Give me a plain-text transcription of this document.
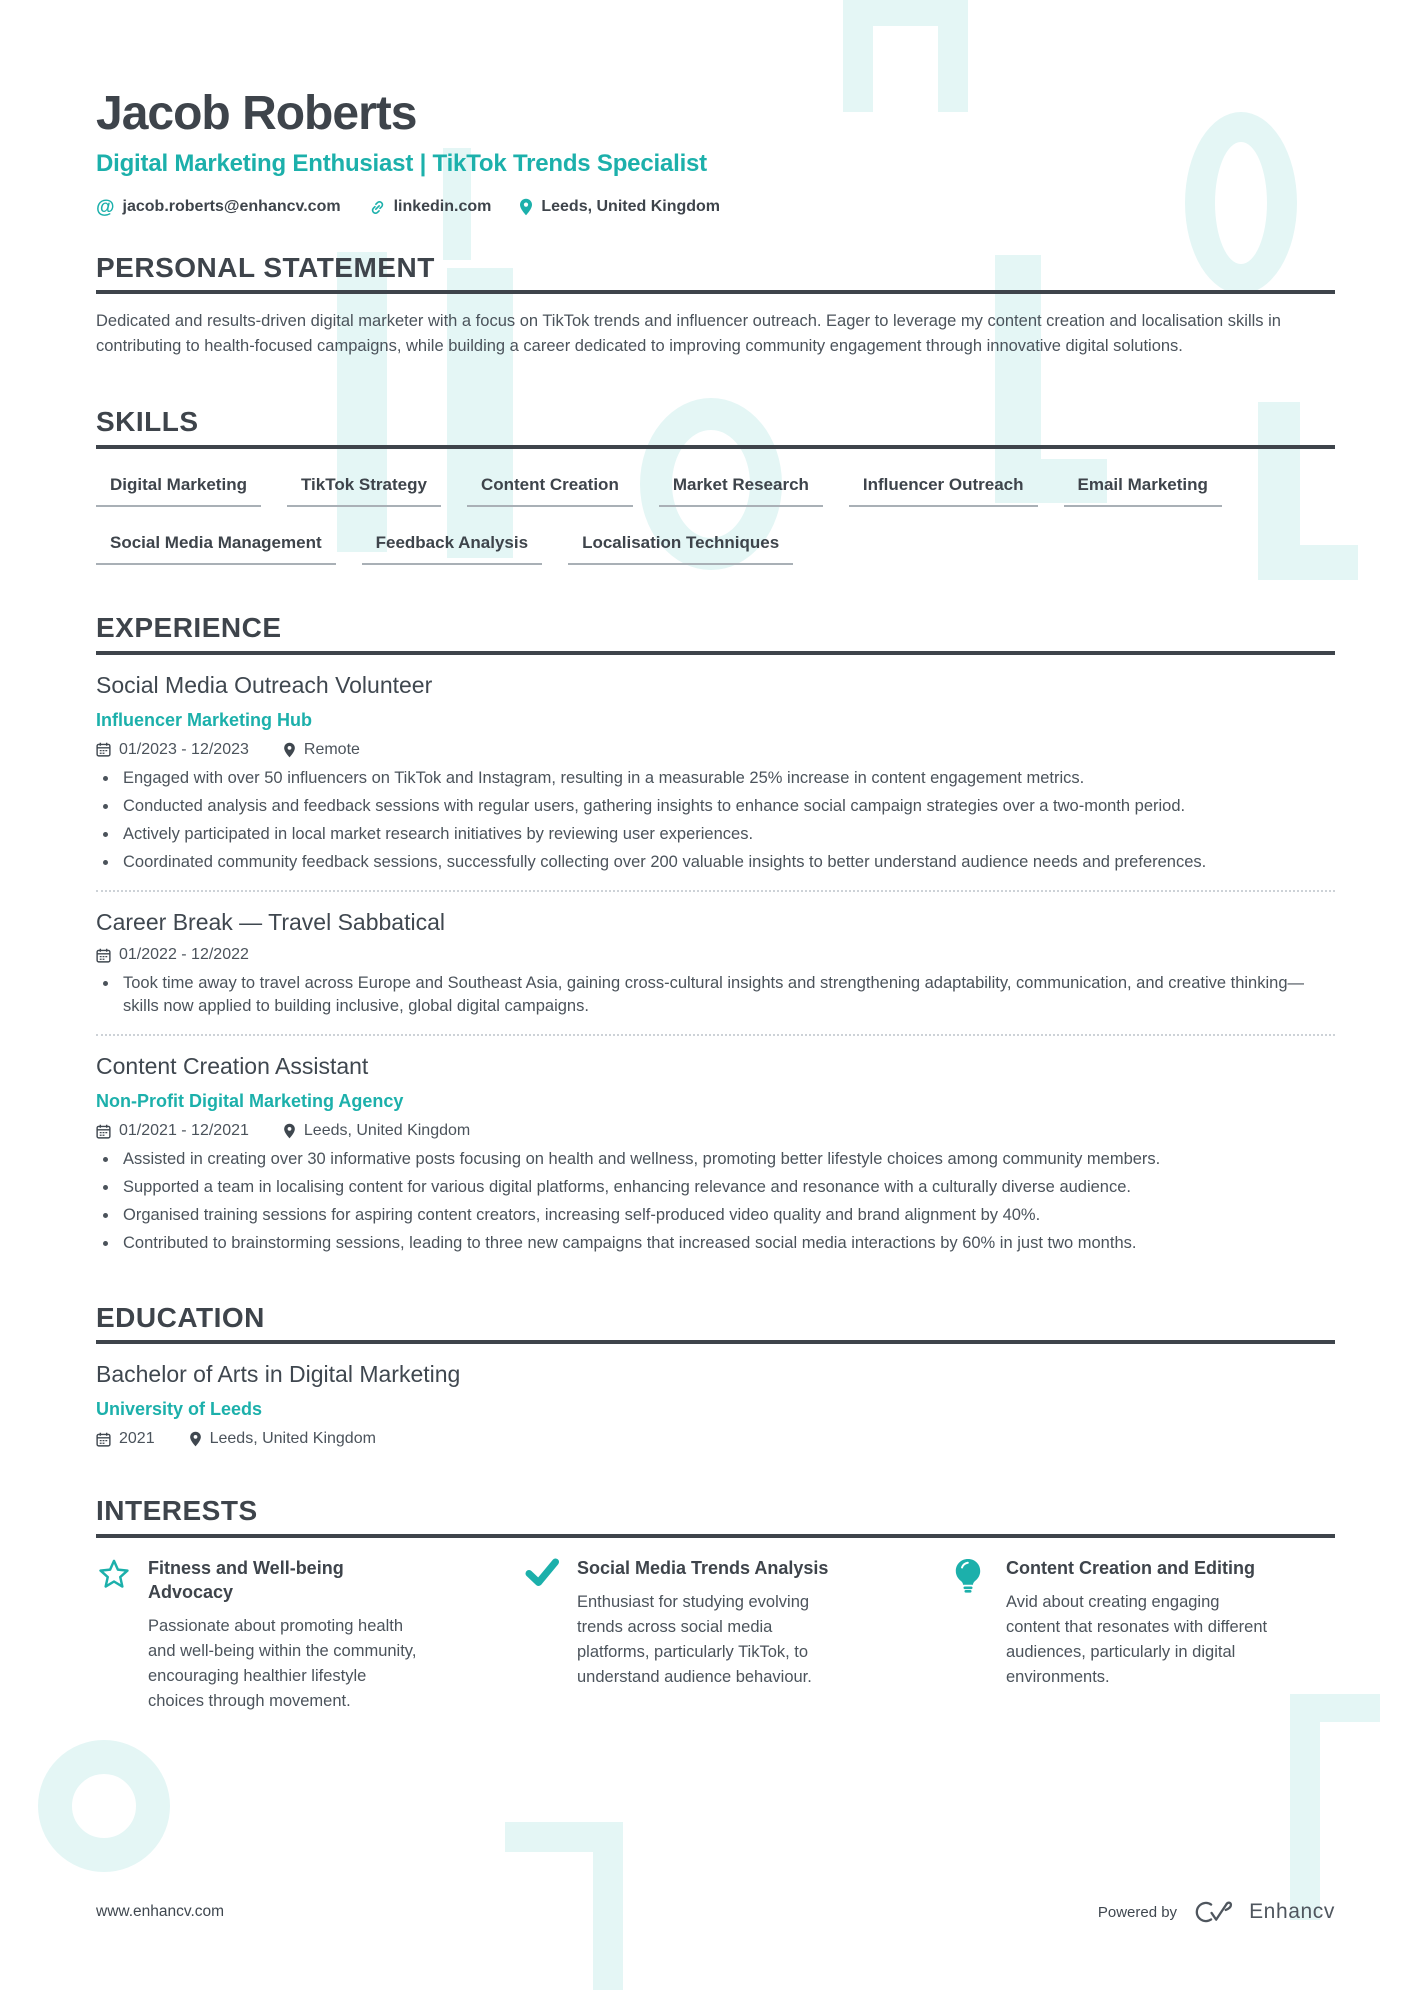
Jacob Roberts
Digital Marketing Enthusiast | TikTok Trends Specialist
@ jacob.roberts@enhancv.com	linkedin.com	Leeds, United Kingdom
PERSONAL STATEMENT

Dedicated and results-driven digital marketer with a focus on TikTok trends and influencer outreach. Eager to leverage my content creation and localisation skills in contributing to health-focused campaigns, while building a career dedicated to improving community engagement through innovative digital solutions.

SKILLS
Digital Marketing	TikTok Strategy	Content Creation	Market Research	Influencer Outreach	Email Marketing
Social Media Management	Feedback Analysis	Localisation Techniques
EXPERIENCE
Social Media Outreach Volunteer
Influencer Marketing Hub
01/2023 - 12/2023	Remote
• Engaged with over 50 influencers on TikTok and Instagram, resulting in a measurable 25% increase in content engagement metrics.
• Conducted analysis and feedback sessions with regular users, gathering insights to enhance social campaign strategies over a two-month period.
• Actively participated in local market research initiatives by reviewing user experiences.
• Coordinated community feedback sessions, successfully collecting over 200 valuable insights to better understand audience needs and preferences.
Career Break — Travel Sabbatical
01/2022 - 12/2022
• Took time away to travel across Europe and Southeast Asia, gaining cross-cultural insights and strengthening adaptability, communication, and creative thinking—skills now applied to building inclusive, global digital campaigns.
Content Creation Assistant
Non-Profit Digital Marketing Agency
01/2021 - 12/2021	Leeds, United Kingdom
• Assisted in creating over 30 informative posts focusing on health and wellness, promoting better lifestyle choices among community members.
• Supported a team in localising content for various digital platforms, enhancing relevance and resonance with a culturally diverse audience.
• Organised training sessions for aspiring content creators, increasing self-produced video quality and brand alignment by 40%.
• Contributed to brainstorming sessions, leading to three new campaigns that increased social media interactions by 60% in just two months.
EDUCATION
Bachelor of Arts in Digital Marketing
University of Leeds
2021	Leeds, United Kingdom
INTERESTS
Fitness and Well-being Advocacy
Passionate about promoting health and well-being within the community, encouraging healthier lifestyle choices through movement.
Social Media Trends Analysis
Enthusiast for studying evolving trends across social media platforms, particularly TikTok, to understand audience behaviour.
Content Creation and Editing
Avid about creating engaging content that resonates with different audiences, particularly in digital environments.
www.enhancv.com	Powered by	Enhancv
